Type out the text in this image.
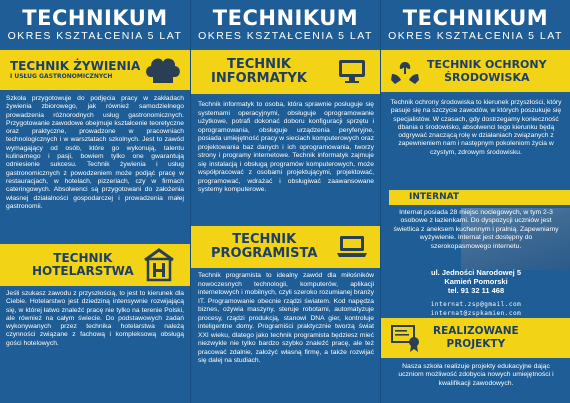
TECHNIKUM
OKRES KSZTAŁCENIA 5 LAT
TECHNIK ŻYWIENIA
I USŁUG GASTRONOMICZNYCH
Szkoła przygotowuje do podjęcia pracy w zakładach żywienia zbiorowego, jak również samodzielnego prowadzenia różnorodnych usług gastronomicznych. Przygotowanie zawodowe obejmuje kształcenie teoretyczne oraz praktyczne, prowadzone w pracowniach technologicznych i w warsztatach szkolnych. Jest to zawód wymagający od osób, które go wykonują, talentu kulinarnego i pasji, bowiem tylko one gwarantują odniesienie sukcesu. Technik żywienia i usług gastronomicznych z powodzeniem może podjąć pracę w restauracjach, w hotelach, pizzeriach, czy w firmach cateringowych. Absolwenci są przygotowani do założenia własnej działalności gospodarczej i prowadzenia małej gastronomii.
TECHNIK
HOTELARSTWA
Jeśli szukasz zawodu z przyszłością, to jest to kierunek dla Ciebie. Hotelarstwo jest dziedziną intensywnie rozwijającą się, w której łatwo znaleźć pracę nie tylko na terenie Polski, ale również na całym świecie. Do podstawowych zadań wykonywanych przez technika hotelarstwa należą czynności związane z fachową i kompleksową obsługą gości hotelowych.
TECHNIKUM
OKRES KSZTAŁCENIA 5 LAT
TECHNIK
INFORMATYK
Technik informatyk to osoba, która sprawnie posługuje się systemami operacyjnymi, obsługuje oprogramowanie użytkowe, potrafi dokonać doboru konfiguracji sprzętu i oprogramowania, obsługuje urządzenia peryferyjne, posiada umiejętność pracy w sieciach komputerowych oraz projektowania baz danych i ich oprogramowania, tworzy strony i programy internetowe. Technik informatyk zajmuje się instalacją i obsługą programów komputerowych, może współpracować z osobami projektującymi, projektować, programować, wdrażać i obsługiwać zaawansowane systemy komputerowe.
TECHNIK
PROGRAMISTA
Technik programista to idealny zawód dla miłośników nowoczesnych technologii, komputerów, aplikacji internetowych i mobilnych, czyli szeroko rozumianej branży IT. Programowanie obecnie rządzi światem. Kod napędza biznes, ożywia maszyny, steruje robotami, automatyzuje procesy, rządzi produkcją, stanowi DNA gier, kontroluje inteligentne domy. Programiści praktycznie tworzą świat XXI wieku, dlatego jako technik programista będziesz mieć niezwykle nie tylko bardzo szybko znaleźć pracę, ale też pracować zdalnie, założyć własną firmę, a także rozwijać się dalej na studiach.
TECHNIKUM
OKRES KSZTAŁCENIA 5 LAT
TECHNIK OCHRONY
ŚRODOWISKA
Technik ochrony środowiska to kierunek przyszłości, który pasuje się na szczycie zawodów, w których poszukuje się specjalistów. W czasach, gdy dostrzegamy konieczność dbania o środowisko, absolwenci tego kierunku będą odgrywać znaczącą rolę w działaniach związanych z zapewnieniem nam i następnym pokoleniom życia w czystym, zdrowym środowisku.
INTERNAT
Internat posiada 28 miejsc noclegowych, w tym 2-3 osobowe z łazienkami. Do dyspozycji uczniów jest świetlica z aneksem kuchennym i pralnią. Zapewniamy wyżywienie. Internat jest dostępny do szerokopasmowego internetu.
ul. Jedności Narodowej 5
Kamień Pomorski
tel. 91 32 11 468
internat.zsp@gmail.com
internat@zspkamien.com
REALIZOWANE
PROJEKTY
Nasza szkoła realizuje projekty edukacyjne dając uczniom możliwość zdobycia nowych umiejętności i kwalifikacji zawodowych.
